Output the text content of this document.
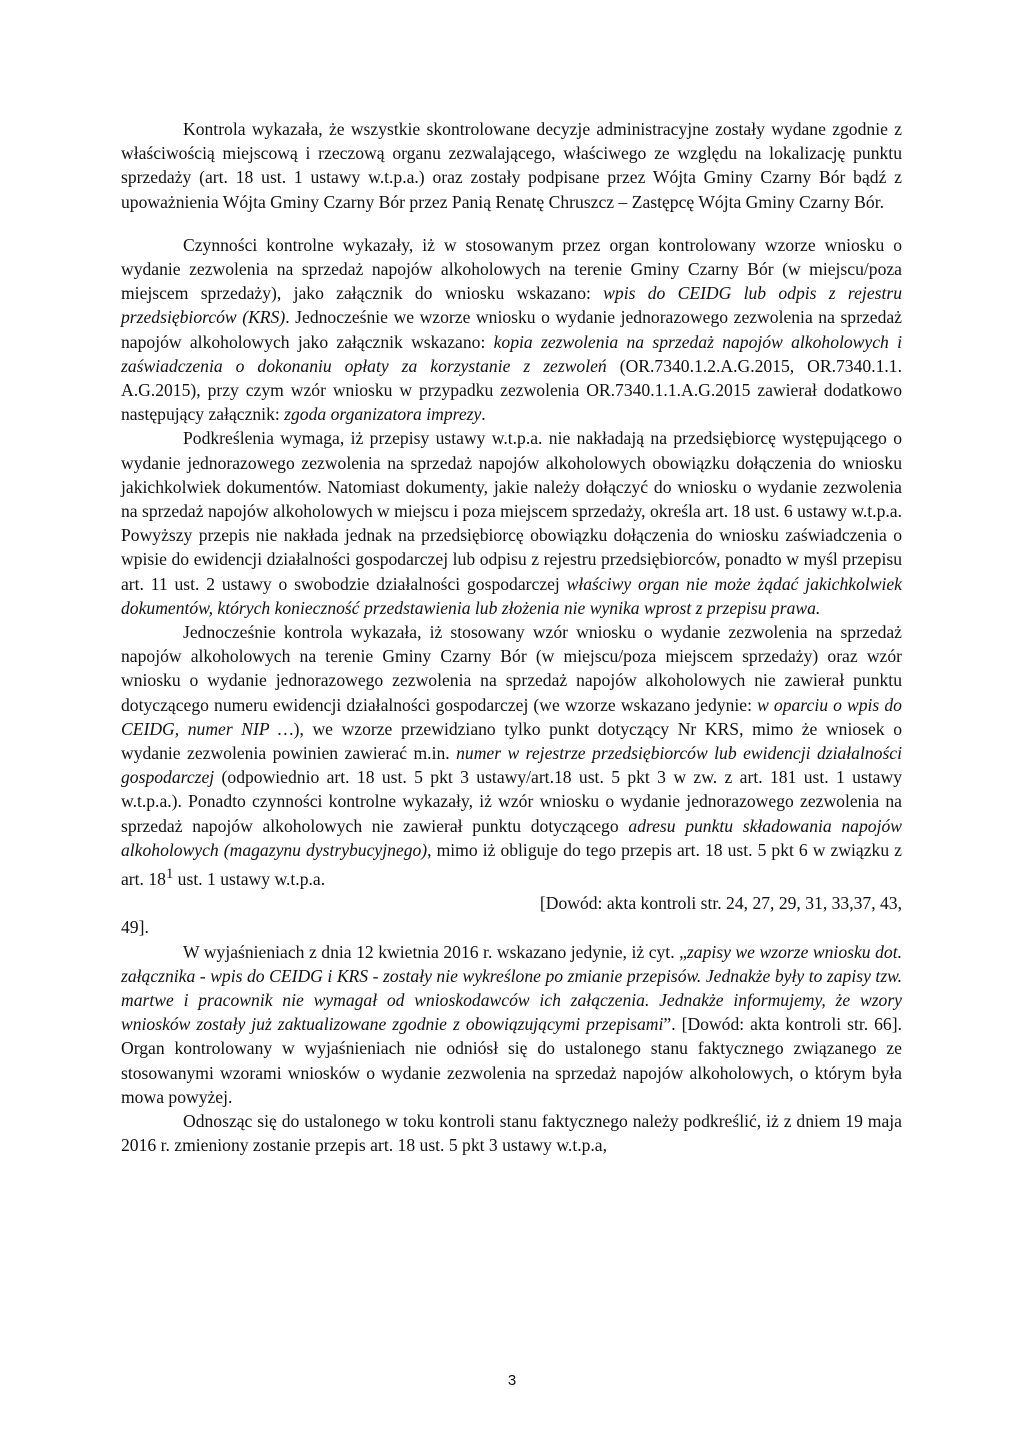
Kontrola wykazała, że wszystkie skontrolowane decyzje administracyjne zostały wydane zgodnie z właściwością miejscową i rzeczową organu zezwalającego, właściwego ze względu na lokalizację punktu sprzedaży (art. 18 ust. 1 ustawy w.t.p.a.) oraz zostały podpisane przez Wójta Gminy Czarny Bór bądź z upoważnienia Wójta Gminy Czarny Bór przez Panią Renatę Chruszcz – Zastępcę Wójta Gminy Czarny Bór.

Czynności kontrolne wykazały, iż w stosowanym przez organ kontrolowany wzorze wniosku o wydanie zezwolenia na sprzedaż napojów alkoholowych na terenie Gminy Czarny Bór (w miejscu/poza miejscem sprzedaży), jako załącznik do wniosku wskazano: wpis do CEIDG lub odpis z rejestru przedsiębiorców (KRS). Jednocześnie we wzorze wniosku o wydanie jednorazowego zezwolenia na sprzedaż napojów alkoholowych jako załącznik wskazano: kopia zezwolenia na sprzedaż napojów alkoholowych i zaświadczenia o dokonaniu opłaty za korzystanie z zezwoleń (OR.7340.1.2.A.G.2015, OR.7340.1.1. A.G.2015), przy czym wzór wniosku w przypadku zezwolenia OR.7340.1.1.A.G.2015 zawierał dodatkowo następujący załącznik: zgoda organizatora imprezy.

Podkreślenia wymaga, iż przepisy ustawy w.t.p.a. nie nakładają na przedsiębiorcę występującego o wydanie jednorazowego zezwolenia na sprzedaż napojów alkoholowych obowiązku dołączenia do wniosku jakichkolwiek dokumentów. Natomiast dokumenty, jakie należy dołączyć do wniosku o wydanie zezwolenia na sprzedaż napojów alkoholowych w miejscu i poza miejscem sprzedaży, określa art. 18 ust. 6 ustawy w.t.p.a. Powyższy przepis nie nakłada jednak na przedsiębiorcę obowiązku dołączenia do wniosku zaświadczenia o wpisie do ewidencji działalności gospodarczej lub odpisu z rejestru przedsiębiorców, ponadto w myśl przepisu art. 11 ust. 2 ustawy o swobodzie działalności gospodarczej właściwy organ nie może żądać jakichkolwiek dokumentów, których konieczność przedstawienia lub złożenia nie wynika wprost z przepisu prawa.

Jednocześnie kontrola wykazała, iż stosowany wzór wniosku o wydanie zezwolenia na sprzedaż napojów alkoholowych na terenie Gminy Czarny Bór (w miejscu/poza miejscem sprzedaży) oraz wzór wniosku o wydanie jednorazowego zezwolenia na sprzedaż napojów alkoholowych nie zawierał punktu dotyczącego numeru ewidencji działalności gospodarczej (we wzorze wskazano jedynie: w oparciu o wpis do CEIDG, numer NIP …), we wzorze przewidziano tylko punkt dotyczący Nr KRS, mimo że wniosek o wydanie zezwolenia powinien zawierać m.in. numer w rejestrze przedsiębiorców lub ewidencji działalności gospodarczej (odpowiednio art. 18 ust. 5 pkt 3 ustawy/art.18 ust. 5 pkt 3 w zw. z art. 181 ust. 1 ustawy w.t.p.a.). Ponadto czynności kontrolne wykazały, iż wzór wniosku o wydanie jednorazowego zezwolenia na sprzedaż napojów alkoholowych nie zawierał punktu dotyczącego adresu punktu składowania napojów alkoholowych (magazynu dystrybucyjnego), mimo iż obliguje do tego przepis art. 18 ust. 5 pkt 6 w związku z art. $18^1$ ust. 1 ustawy w.t.p.a.

[Dowód: akta kontroli str. 24, 27, 29, 31, 33,37, 43,

49].

W wyjaśnieniach z dnia 12 kwietnia 2016 r. wskazano jedynie, iż cyt. „zapisy we wzorze wniosku dot. załącznika - wpis do CEIDG i KRS - zostały nie wykreślone po zmianie przepisów. Jednakże były to zapisy tzw. martwe i pracownik nie wymagał od wnioskodawców ich załączenia. Jednakże informujemy, że wzory wniosków zostały już zaktualizowane zgodnie z obowiązującymi przepisami”. [Dowód: akta kontroli str. 66]. Organ kontrolowany w wyjaśnieniach nie odniósł się do ustalonego stanu faktycznego związanego ze stosowanymi wzorami wniosków o wydanie zezwolenia na sprzedaż napojów alkoholowych, o którym była mowa powyżej.

Odnosząc się do ustalonego w toku kontroli stanu faktycznego należy podkreślić, iż z dniem 19 maja 2016 r. zmieniony zostanie przepis art. 18 ust. 5 pkt 3 ustawy w.t.p.a,

3
